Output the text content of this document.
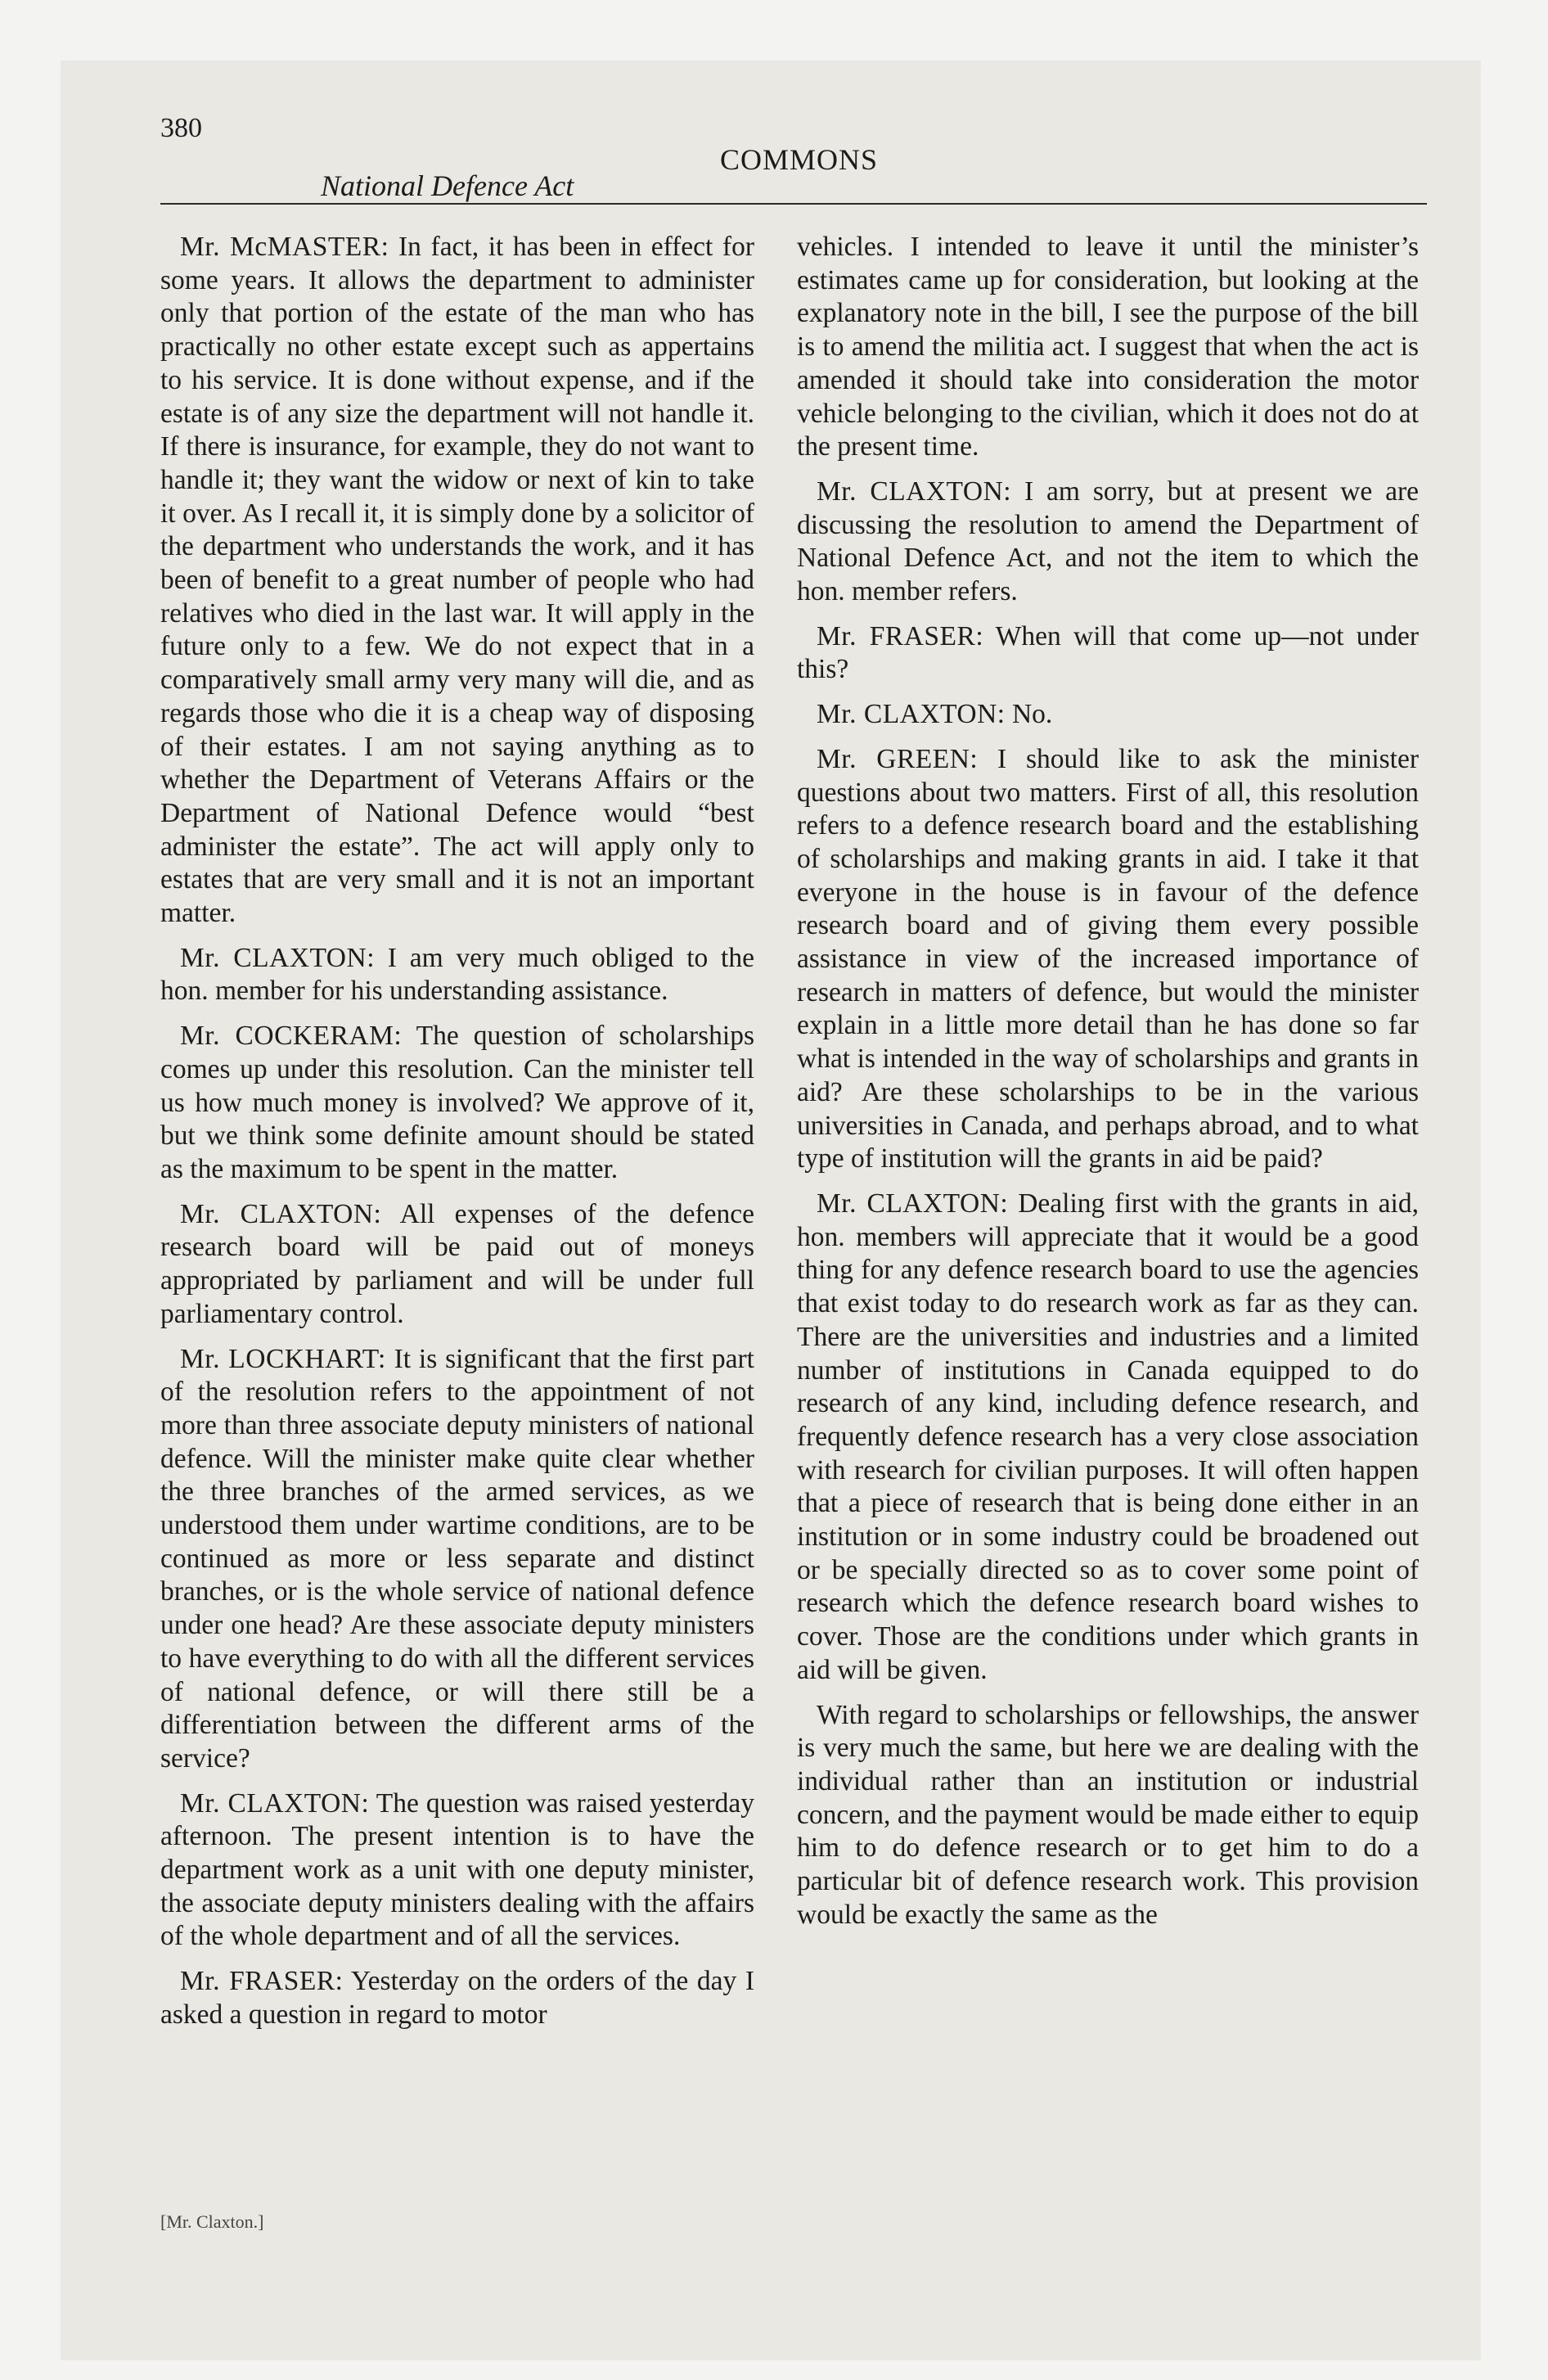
380
COMMONS
National Defence Act

Mr. McMASTER: In fact, it has been in effect for some years. It allows the department to administer only that portion of the estate of the man who has practically no other estate except such as appertains to his service. It is done without expense, and if the estate is of any size the department will not handle it. If there is insurance, for example, they do not want to handle it; they want the widow or next of kin to take it over. As I recall it, it is simply done by a solicitor of the department who understands the work, and it has been of benefit to a great number of people who had relatives who died in the last war. It will apply in the future only to a few. We do not expect that in a comparatively small army very many will die, and as regards those who die it is a cheap way of disposing of their estates. I am not saying anything as to whether the Department of Veterans Affairs or the Department of National Defence would “best administer the estate”. The act will apply only to estates that are very small and it is not an important matter.

Mr. CLAXTON: I am very much obliged to the hon. member for his understanding assistance.

Mr. COCKERAM: The question of scholarships comes up under this resolution. Can the minister tell us how much money is involved? We approve of it, but we think some definite amount should be stated as the maximum to be spent in the matter.

Mr. CLAXTON: All expenses of the defence research board will be paid out of moneys appropriated by parliament and will be under full parliamentary control.

Mr. LOCKHART: It is significant that the first part of the resolution refers to the appointment of not more than three associate deputy ministers of national defence. Will the minister make quite clear whether the three branches of the armed services, as we understood them under wartime conditions, are to be continued as more or less separate and distinct branches, or is the whole service of national defence under one head? Are these associate deputy ministers to have everything to do with all the different services of national defence, or will there still be a differentiation between the different arms of the service?

Mr. CLAXTON: The question was raised yesterday afternoon. The present intention is to have the department work as a unit with one deputy minister, the associate deputy ministers dealing with the affairs of the whole department and of all the services.

Mr. FRASER: Yesterday on the orders of the day I asked a question in regard to motor

vehicles. I intended to leave it until the minister’s estimates came up for consideration, but looking at the explanatory note in the bill, I see the purpose of the bill is to amend the militia act. I suggest that when the act is amended it should take into consideration the motor vehicle belonging to the civilian, which it does not do at the present time.

Mr. CLAXTON: I am sorry, but at present we are discussing the resolution to amend the Department of National Defence Act, and not the item to which the hon. member refers.

Mr. FRASER: When will that come up—not under this?

Mr. CLAXTON: No.

Mr. GREEN: I should like to ask the minister questions about two matters. First of all, this resolution refers to a defence research board and the establishing of scholarships and making grants in aid. I take it that everyone in the house is in favour of the defence research board and of giving them every possible assistance in view of the increased importance of research in matters of defence, but would the minister explain in a little more detail than he has done so far what is intended in the way of scholarships and grants in aid? Are these scholarships to be in the various universities in Canada, and perhaps abroad, and to what type of institution will the grants in aid be paid?

Mr. CLAXTON: Dealing first with the grants in aid, hon. members will appreciate that it would be a good thing for any defence research board to use the agencies that exist today to do research work as far as they can. There are the universities and industries and a limited number of institutions in Canada equipped to do research of any kind, including defence research, and frequently defence research has a very close association with research for civilian purposes. It will often happen that a piece of research that is being done either in an institution or in some industry could be broadened out or be specially directed so as to cover some point of research which the defence research board wishes to cover. Those are the conditions under which grants in aid will be given.

With regard to scholarships or fellowships, the answer is very much the same, but here we are dealing with the individual rather than an institution or industrial concern, and the payment would be made either to equip him to do defence research or to get him to do a particular bit of defence research work. This provision would be exactly the same as the

[Mr. Claxton.]
